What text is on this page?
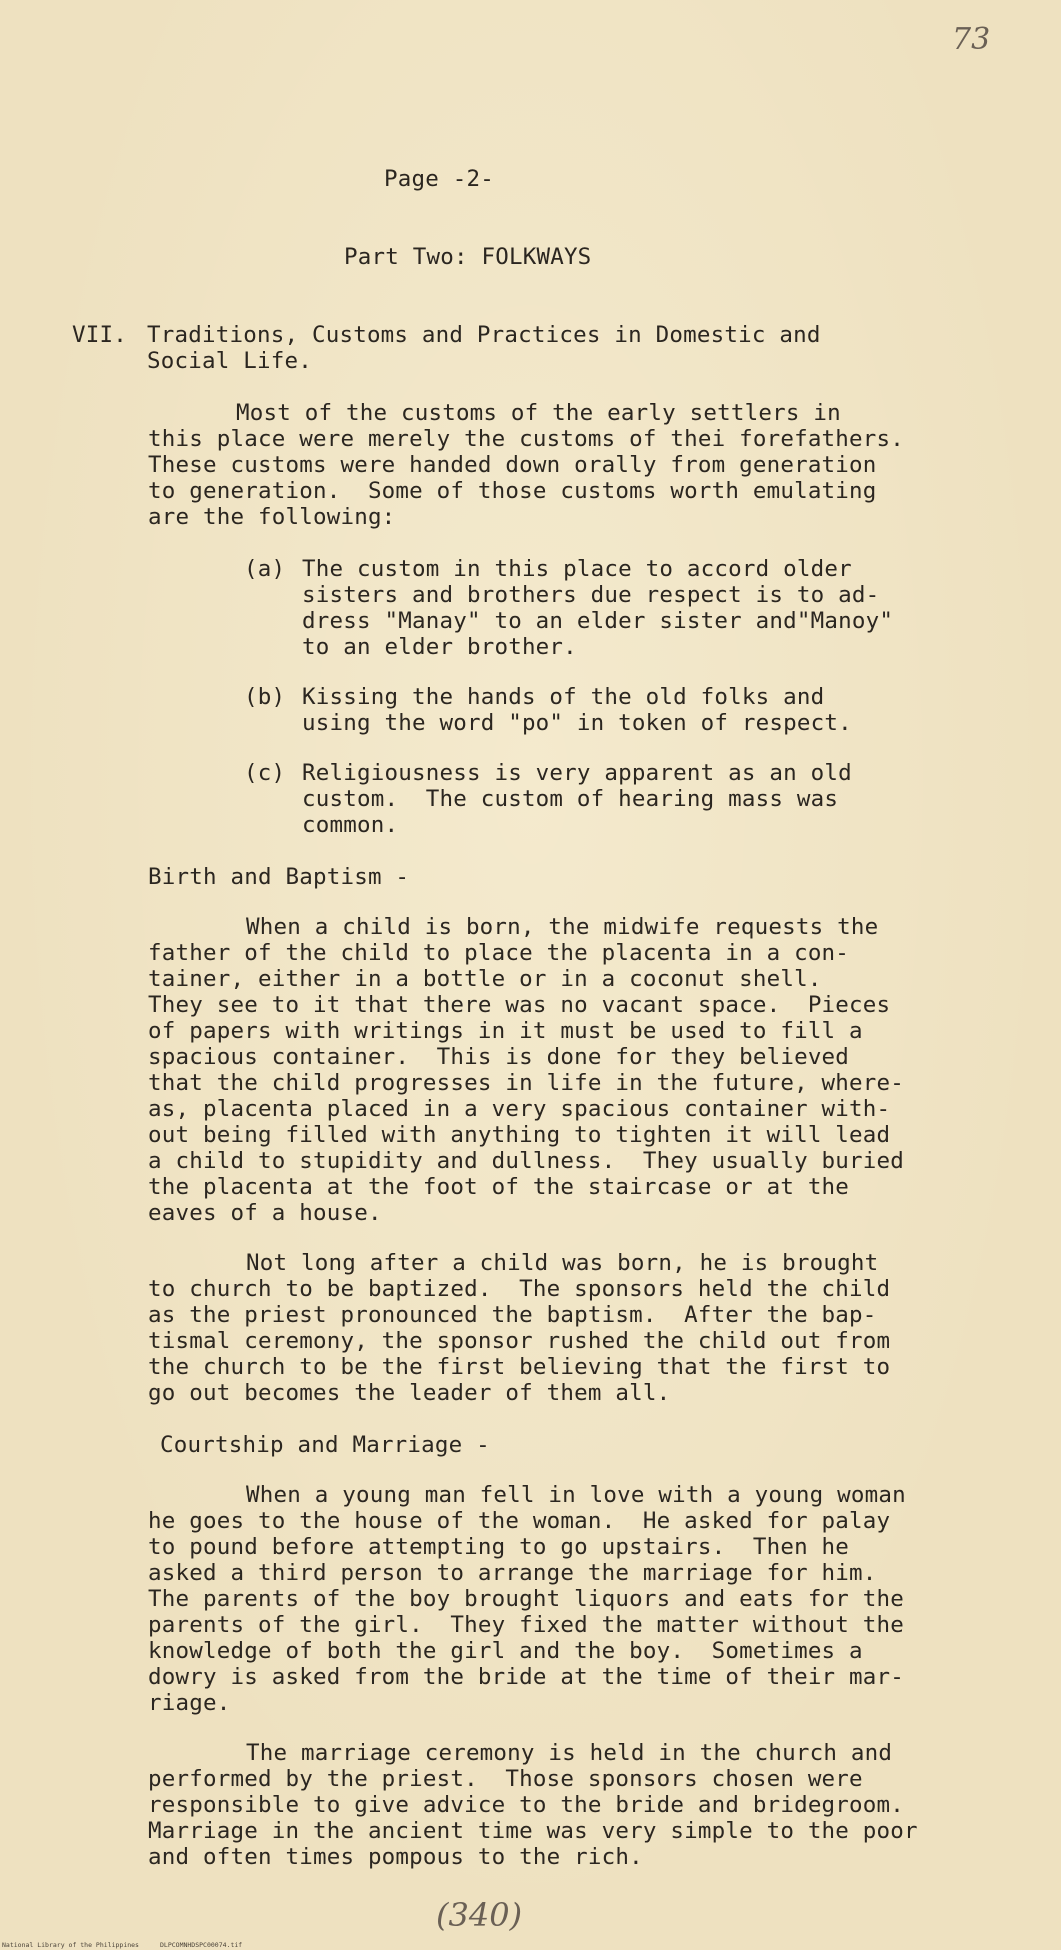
73
Page -2-
Part Two: FOLKWAYS
VII. Traditions, Customs and Practices in Domestic and
Social Life.
Most of the customs of the early settlers in
this place were merely the customs of thei forefathers.
These customs were handed down orally from generation
to generation.  Some of those customs worth emulating
are the following:
(a) The custom in this place to accord older
sisters and brothers due respect is to ad-
dress "Manay" to an elder sister and"Manoy"
to an elder brother.
(b) Kissing the hands of the old folks and
using the word "po" in token of respect.
(c) Religiousness is very apparent as an old
custom.  The custom of hearing mass was
common.
Birth and Baptism -
When a child is born, the midwife requests the
father of the child to place the placenta in a con-
tainer, either in a bottle or in a coconut shell.
They see to it that there was no vacant space.  Pieces
of papers with writings in it must be used to fill a
spacious container.  This is done for they believed
that the child progresses in life in the future, where-
as, placenta placed in a very spacious container with-
out being filled with anything to tighten it will lead
a child to stupidity and dullness.  They usually buried
the placenta at the foot of the staircase or at the
eaves of a house.
Not long after a child was born, he is brought
to church to be baptized.  The sponsors held the child
as the priest pronounced the baptism.  After the bap-
tismal ceremony, the sponsor rushed the child out from
the church to be the first believing that the first to
go out becomes the leader of them all.
Courtship and Marriage -
When a young man fell in love with a young woman
he goes to the house of the woman.  He asked for palay
to pound before attempting to go upstairs.  Then he
asked a third person to arrange the marriage for him.
The parents of the boy brought liquors and eats for the
parents of the girl.  They fixed the matter without the
knowledge of both the girl and the boy.  Sometimes a
dowry is asked from the bride at the time of their mar-
riage.
The marriage ceremony is held in the church and
performed by the priest.  Those sponsors chosen were
responsible to give advice to the bride and bridegroom.
Marriage in the ancient time was very simple to the poor
and often times pompous to the rich.
(340)
National Library of the Philippines	DLPCOMNHDSPC00074.tif
